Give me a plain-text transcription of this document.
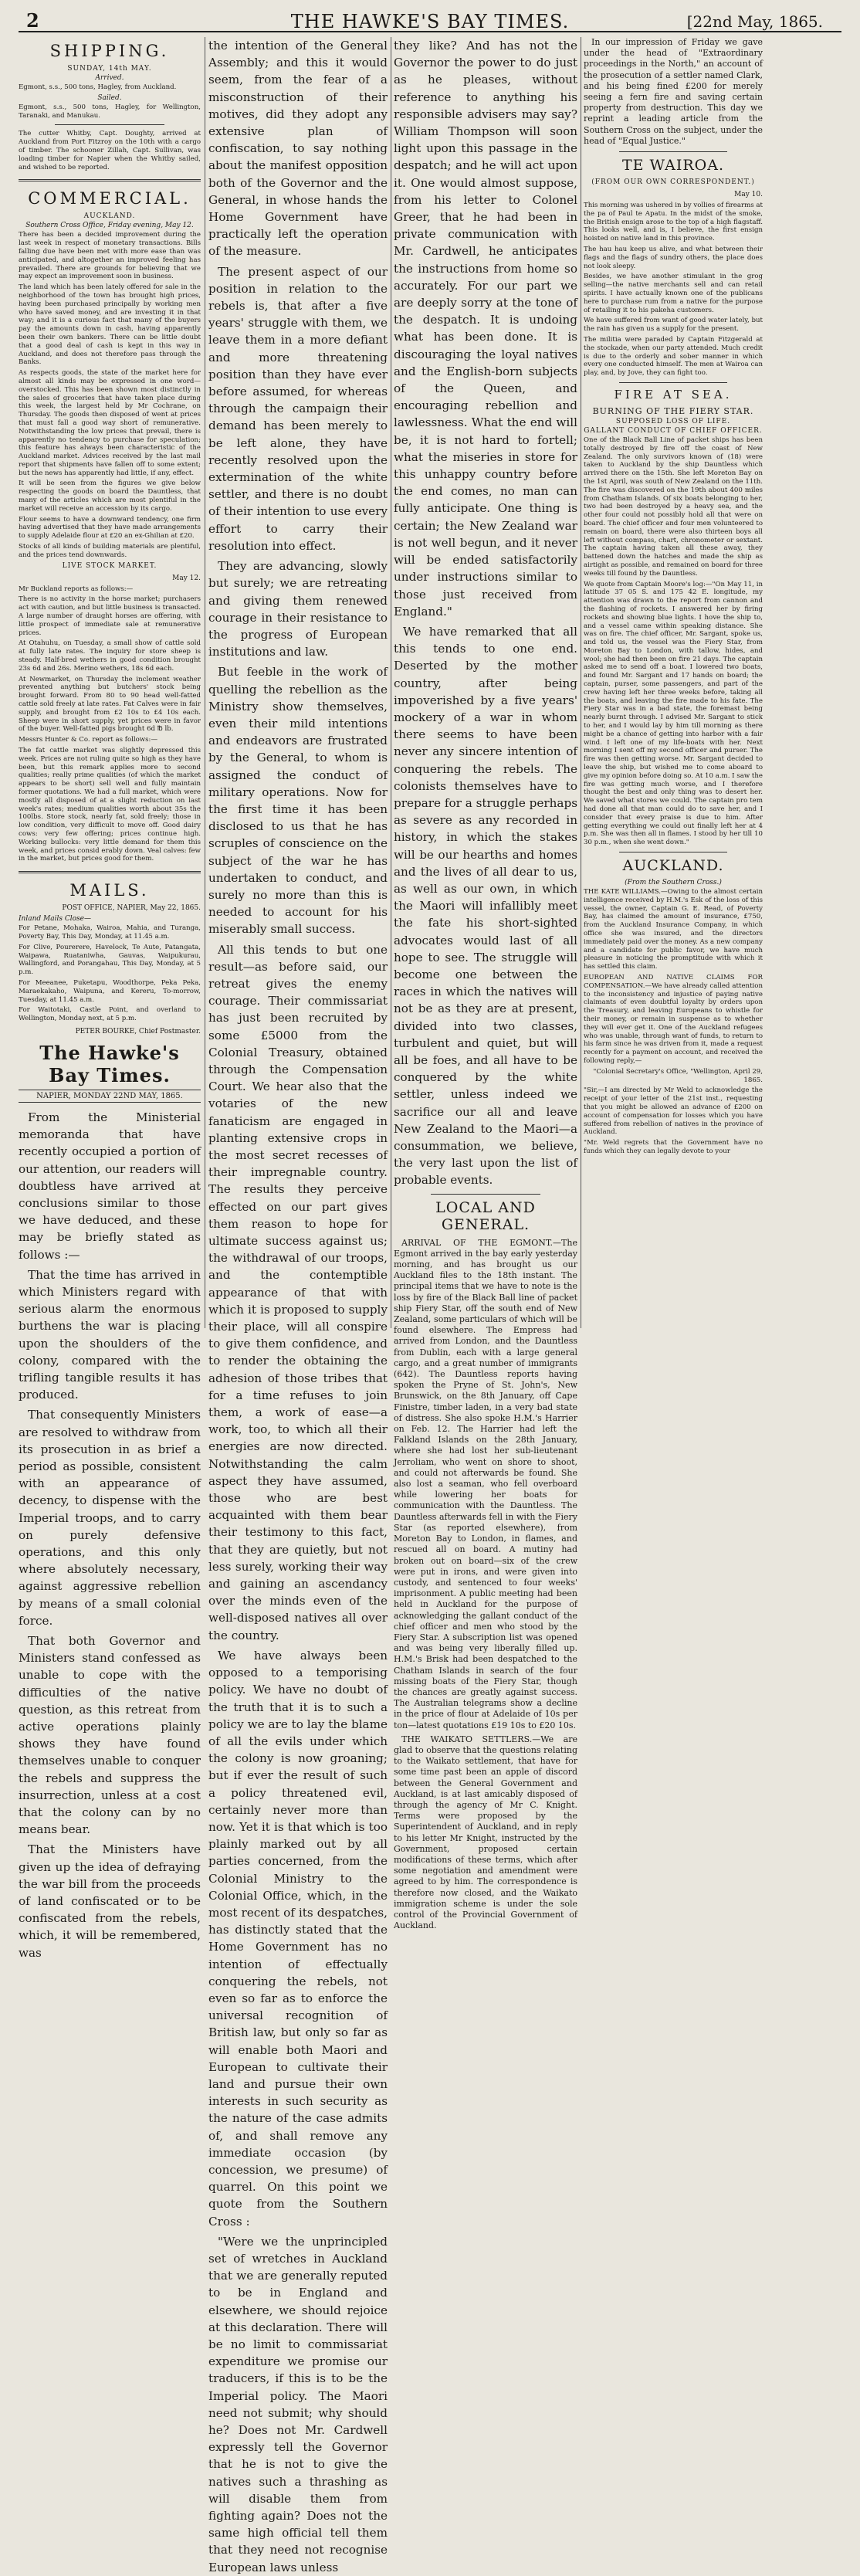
2	THE HAWKE'S BAY TIMES.	[22nd May, 1865.
SHIPPING.
SUNDAY, 14th MAY.
Arrived.

Egmont, s.s., 500 tons, Hagley, from Auckland.

Sailed.

Egmont, s.s., 500 tons, Hagley, for Wellington, Taranaki, and Manukau.

The cutter Whitby, Capt. Doughty, arrived at Auckland from Port Fitzroy on the 10th with a cargo of timber. The schooner Zillah, Capt. Sullivan, was loading timber for Napier when the Whitby sailed, and wished to be reported.

COMMERCIAL.
AUCKLAND.
Southern Cross Office, Friday evening, May 12.

There has been a decided improvement during the last week in respect of monetary transactions. Bills falling due have been met with more ease than was anticipated, and altogether an improved feeling has prevailed. There are grounds for believing that we may expect an improvement soon in business.

The land which has been lately offered for sale in the neighborhood of the town has brought high prices, having been purchased principally by working men who have saved money, and are investing it in that way; and it is a curious fact that many of the buyers pay the amounts down in cash, having apparently been their own bankers. There can be little doubt that a good deal of cash is kept in this way in Auckland, and does not therefore pass through the Banks.

As respects goods, the state of the market here for almost all kinds may be expressed in one word—overstocked. This has been shown most distinctly in the sales of groceries that have taken place during this week, the largest held by Mr Cochrane, on Thursday. The goods then disposed of went at prices that must fall a good way short of remunerative. Notwithstanding the low prices that prevail, there is apparently no tendency to purchase for speculation; this feature has always been characteristic of the Auckland market. Advices received by the last mail report that shipments have fallen off to some extent; but the news has apparently had little, if any, effect.

It will be seen from the figures we give below respecting the goods on board the Dauntless, that many of the articles which are most plentiful in the market will receive an accession by its cargo.

Flour seems to have a downward tendency, one firm having advertised that they have made arrangements to supply Adelaide flour at £20 an ex-Ghilian at £20.

Stocks of all kinds of building materials are plentiful, and the prices tend downwards.

LIVE STOCK MARKET.
May 12.

Mr Buckland reports as follows:—

There is no activity in the horse market; purchasers act with caution, and but little business is transacted. A large number of draught horses are offering, with little prospect of immediate sale at remunerative prices.

At Otahuhu, on Tuesday, a small show of cattle sold at fully late rates. The inquiry for store sheep is steady. Half-bred wethers in good condition brought 23s 6d and 26s. Merino wethers, 18s 6d each.

At Newmarket, on Thursday the inclement weather prevented anything but butchers' stock being brought forward. From 80 to 90 head well-fatted cattle sold freely at late rates. Fat Calves were in fair supply, and brought from £2 10s to £4 10s each. Sheep were in short supply, yet prices were in favor of the buyer. Well-fatted pigs brought 6d ℔ lb.

Messrs Hunter & Co. report as follows:—

The fat cattle market was slightly depressed this week. Prices are not ruling quite so high as they have been, but this remark applies more to second qualities; really prime qualities (of which the market appears to be short) sell well and fully maintain former quotations. We had a full market, which were mostly all disposed of at a slight reduction on last week's rates; medium qualities worth about 35s the 100lbs. Store stock, nearly fat, sold freely; those in low condition, very difficult to move off. Good dairy cows: very few offering; prices continue high. Working bullocks: very little demand for them this week, and prices consid erably down. Veal calves: few in the market, but prices good for them.

MAILS.
POST OFFICE, NAPIER, May 22, 1865.
Inland Mails Close—

For Petane, Mohaka, Wairoa, Mahia, and Turanga, Poverty Bay, This Day, Monday, at 11.45 a.m.

For Clive, Pourerere, Havelock, Te Aute, Patangata, Waipawa, Ruataniwha, Gauvas, Waipukurau, Wallingford, and Porangahau, This Day, Monday, at 5 p.m.

For Meeanee, Puketapu, Woodthorpe, Peka Peka, Maraekakaho, Waipuna, and Kereru, To-morrow, Tuesday, at 11.45 a.m.

For Waitotaki, Castle Point, and overland to Wellington, Monday next, at 5 p.m.

PETER BOURKE, Chief Postmaster.
The Hawke's Bay Times.
NAPIER, MONDAY 22ND MAY, 1865.

From the Ministerial memoranda that have recently occupied a portion of our attention, our readers will doubtless have arrived at conclusions similar to those we have deduced, and these may be briefly stated as follows :—

That the time has arrived in which Ministers regard with serious alarm the enormous burthens the war is placing upon the shoulders of the colony, compared with the trifling tangible results it has produced.

That consequently Ministers are resolved to withdraw from its prosecution in as brief a period as possible, consistent with an appearance of decency, to dispense with the Imperial troops, and to carry on purely defensive operations, and this only where absolutely necessary, against aggressive rebellion by means of a small colonial force.

That both Governor and Ministers stand confessed as unable to cope with the difficulties of the native question, as this retreat from active operations plainly shows they have found themselves unable to conquer the rebels and suppress the insurrection, unless at a cost that the colony can by no means bear.

That the Ministers have given up the idea of defraying the war bill from the proceeds of land confiscated or to be confiscated from the rebels, which, it will be remembered, was

the intention of the General Assembly; and this it would seem, from the fear of a misconstruction of their motives, did they adopt any extensive plan of confiscation, to say nothing about the manifest opposition both of the Governor and the General, in whose hands the Home Government have practically left the operation of the measure.

The present aspect of our position in relation to the rebels is, that after a five years' struggle with them, we leave them in a more defiant and more threatening position than they have ever before assumed, for whereas through the campaign their demand has been merely to be left alone, they have recently resolved upon the extermination of the white settler, and there is no doubt of their intention to use every effort to carry their resolution into effect.

They are advancing, slowly but surely; we are retreating and giving them renewed courage in their resistance to the progress of European institutions and law.

But feeble in the work of quelling the rebellion as the Ministry show themselves, even their mild intentions and endeavors are frustrated by the General, to whom is assigned the conduct of military operations. Now for the first time it has been disclosed to us that he has scruples of conscience on the subject of the war he has undertaken to conduct, and surely no more than this is needed to account for his miserably small success.

All this tends to but one result—as before said, our retreat gives the enemy courage. Their commissariat has just been recruited by some £5000 from the Colonial Treasury, obtained through the Compensation Court. We hear also that the votaries of the new fanaticism are engaged in planting extensive crops in the most secret recesses of their impregnable country. The results they perceive effected on our part gives them reason to hope for ultimate success against us; the withdrawal of our troops, and the contemptible appearance of that with which it is proposed to supply their place, will all conspire to give them confidence, and to render the obtaining the adhesion of those tribes that for a time refuses to join them, a work of ease—a work, too, to which all their energies are now directed. Notwithstanding the calm aspect they have assumed, those who are best acquainted with them bear their testimony to this fact, that they are quietly, but not less surely, working their way and gaining an ascendancy over the minds even of the well-disposed natives all over the country.

We have always been opposed to a temporising policy. We have no doubt of the truth that it is to such a policy we are to lay the blame of all the evils under which the colony is now groaning; but if ever the result of such a policy threatened evil, certainly never more than now. Yet it is that which is too plainly marked out by all parties concerned, from the Colonial Ministry to the Colonial Office, which, in the most recent of its despatches, has distinctly stated that the Home Government has no intention of effectually conquering the rebels, not even so far as to enforce the universal recognition of British law, but only so far as will enable both Maori and European to cultivate their land and pursue their own interests in such security as the nature of the case admits of, and shall remove any immediate occasion (by concession, we presume) of quarrel. On this point we quote from the Southern Cross :

"Were we the unprincipled set of wretches in Auckland that we are generally reputed to be in England and elsewhere, we should rejoice at this declaration. There will be no limit to commissariat expenditure we promise our traducers, if this is to be the Imperial policy. The Maori need not submit; why should he? Does not Mr. Cardwell expressly tell the Governor that he is not to give the natives such a thrashing as will disable them from fighting again? Does not the same high official tell them that they need not recognise European laws unless

they like? And has not the Governor the power to do just as he pleases, without reference to anything his responsible advisers may say? William Thompson will soon light upon this passage in the despatch; and he will act upon it. One would almost suppose, from his letter to Colonel Greer, that he had been in private communication with Mr. Cardwell, he anticipates the instructions from home so accurately. For our part we are deeply sorry at the tone of the despatch. It is undoing what has been done. It is discouraging the loyal natives and the English-born subjects of the Queen, and encouraging rebellion and lawlessness. What the end will be, it is not hard to fortell; what the miseries in store for this unhappy country before the end comes, no man can fully anticipate. One thing is certain; the New Zealand war is not well begun, and it never will be ended satisfactorily under instructions similar to those just received from England."

We have remarked that all this tends to one end. Deserted by the mother country, after being impoverished by a five years' mockery of a war in whom there seems to have been never any sincere intention of conquering the rebels. The colonists themselves have to prepare for a struggle perhaps as severe as any recorded in history, in which the stakes will be our hearths and homes and the lives of all dear to us, as well as our own, in which the Maori will infallibly meet the fate his short-sighted advocates would last of all hope to see. The struggle will become one between the races in which the natives will not be as they are at present, divided into two classes, turbulent and quiet, but will all be foes, and all have to be conquered by the white settler, unless indeed we sacrifice our all and leave New Zealand to the Maori—a consummation, we believe, the very last upon the list of probable events.

LOCAL AND GENERAL.

ARRIVAL OF THE EGMONT.—The Egmont arrived in the bay early yesterday morning, and has brought us our Auckland files to the 18th instant. The principal items that we have to note is the loss by fire of the Black Ball line of packet ship Fiery Star, off the south end of New Zealand, some particulars of which will be found elsewhere. The Empress had arrived from London, and the Dauntless from Dublin, each with a large general cargo, and a great number of immigrants (642). The Dauntless reports having spoken the Pryne of St. John's, New Brunswick, on the 8th January, off Cape Finistre, timber laden, in a very bad state of distress. She also spoke H.M.'s Harrier on Feb. 12. The Harrier had left the Falkland Islands on the 28th January, where she had lost her sub-lieutenant Jerroliam, who went on shore to shoot, and could not afterwards be found. She also lost a seaman, who fell overboard while lowering her boats for communication with the Dauntless. The Dauntless afterwards fell in with the Fiery Star (as reported elsewhere), from Moreton Bay to London, in flames, and rescued all on board. A mutiny had broken out on board—six of the crew were put in irons, and were given into custody, and sentenced to four weeks' imprisonment. A public meeting had been held in Auckland for the purpose of acknowledging the gallant conduct of the chief officer and men who stood by the Fiery Star. A subscription list was opened and was being very liberally filled up. H.M.'s Brisk had been despatched to the Chatham Islands in search of the four missing boats of the Fiery Star, though the chances are greatly against success. The Australian telegrams show a decline in the price of flour at Adelaide of 10s per ton—latest quotations £19 10s to £20 10s.

THE WAIKATO SETTLERS.—We are glad to observe that the questions relating to the Waikato settlement, that have for some time past been an apple of discord between the General Government and Auckland, is at last amicably disposed of through the agency of Mr C. Knight. Terms were proposed by the Superintendent of Auckland, and in reply to his letter Mr Knight, instructed by the Government, proposed certain modifications of these terms, which after some negotiation and amendment were agreed to by him. The correspondence is therefore now closed, and the Waikato immigration scheme is under the sole control of the Provincial Government of Auckland.

In our impression of Friday we gave under the head of "Extraordinary proceedings in the North," an account of the prosecution of a settler named Clark, and his being fined £200 for merely seeing a fern fire and saving certain property from destruction. This day we reprint a leading article from the Southern Cross on the subject, under the head of "Equal Justice."

TE WAIROA.
(FROM OUR OWN CORRESPONDENT.)
May 10.

This morning was ushered in by vollies of firearms at the pa of Paul te Apatu. In the midst of the smoke, the British ensign arose to the top of a high flagstaff. This looks well, and is, I believe, the first ensign hoisted on native land in this province.

The hau hau keep us alive, and what between their flags and the flags of sundry others, the place does not look sleepy.

Besides, we have another stimulant in the grog selling—the native merchants sell and can retail spirits. I have actually known one of the publicans here to purchase rum from a native for the purpose of retailing it to his pakeha customers.

We have suffered from want of good water lately, but the rain has given us a supply for the present.

The militia were paraded by Captain Fitzgerald at the stockade, when our party attended. Much credit is due to the orderly and sober manner in which every one conducted himself. The men at Wairoa can play, and, by Jove, they can fight too.

FIRE AT SEA.
BURNING OF THE FIERY STAR.
SUPPOSED LOSS OF LIFE.
GALLANT CONDUCT OF CHIEF OFFICER.

One of the Black Ball Line of packet ships has been totally destroyed by fire off the coast of New Zealand. The only survivors known of (18) were taken to Auckland by the ship Dauntless which arrived there on the 15th. She left Moreton Bay on the 1st April, was south of New Zealand on the 11th. The fire was discovered on the 19th about 400 miles from Chatham Islands. Of six boats belonging to her, two had been destroyed by a heavy sea, and the other four could not possibly hold all that were on board. The chief officer and four men volunteered to remain on board, there were also thirteen boys all left without compass, chart, chronometer or sextant. The captain having taken all these away, they battened down the hatches and made the ship as airtight as possible, and remained on board for three weeks till found by the Dauntless.

We quote from Captain Moore's log:—"On May 11, in latitude 37 05 S. and 175 42 E. longitude, my attention was drawn to the report from cannon and the flashing of rockets. I answered her by firing rockets and showing blue lights. I hove the ship to, and a vessel came within speaking distance. She was on fire. The chief officer, Mr. Sargant, spoke us, and told us, the vessel was the Fiery Star, from Moreton Bay to London, with tallow, hides, and wool; she had then been on fire 21 days. The captain asked me to send off a boat. I lowered two boats, and found Mr. Sargant and 17 hands on board; the captain, purser, some passengers, and part of the crew having left her three weeks before, taking all the boats, and leaving the fire made to his fate. The Fiery Star was in a bad state, the foremast being nearly burnt through. I advised Mr. Sargant to stick to her, and I would lay by him till morning as there might be a chance of getting into harbor with a fair wind. I left one of my life-boats with her. Next morning I sent off my second officer and purser. The fire was then getting worse. Mr. Sargant decided to leave the ship, but wished me to come aboard to give my opinion before doing so. At 10 a.m. I saw the fire was getting much worse, and I therefore thought the best and only thing was to desert her. We saved what stores we could. The captain pro tem had done all that man could do to save her, and I consider that every praise is due to him. After getting everything we could out finally left her at 4 p.m. She was then all in flames. I stood by her till 10 30 p.m., when she went down."

AUCKLAND.
(From the Southern Cross.)

THE KATE WILLIAMS.—Owing to the almost certain intelligence received by H.M.'s Esk of the loss of this vessel, the owner, Captain G. E. Read, of Poverty Bay, has claimed the amount of insurance, £750, from the Auckland Insurance Company, in which office she was insured, and the directors immediately paid over the money. As a new company and a candidate for public favor, we have much pleasure in noticing the promptitude with which it has settled this claim.

EUROPEAN AND NATIVE CLAIMS FOR COMPENSATION.—We have already called attention to the inconsistency and injustice of paying native claimants of even doubtful loyalty by orders upon the Treasury, and leaving Europeans to whistle for their money, or remain in suspense as to whether they will ever get it. One of the Auckland refugees who was unable, through want of funds, to return to his farm since he was driven from it, made a request recently for a payment on account, and received the following reply,—

"Colonial Secretary's Office, "Wellington, April 29, 1865.

"Sir,—I am directed by Mr Weld to acknowledge the receipt of your letter of the 21st inst., requesting that you might be allowed an advance of £200 on account of compensation for losses which you have suffered from rebellion of natives in the province of Auckland.

"Mr. Weld regrets that the Government have no funds which they can legally devote to your
